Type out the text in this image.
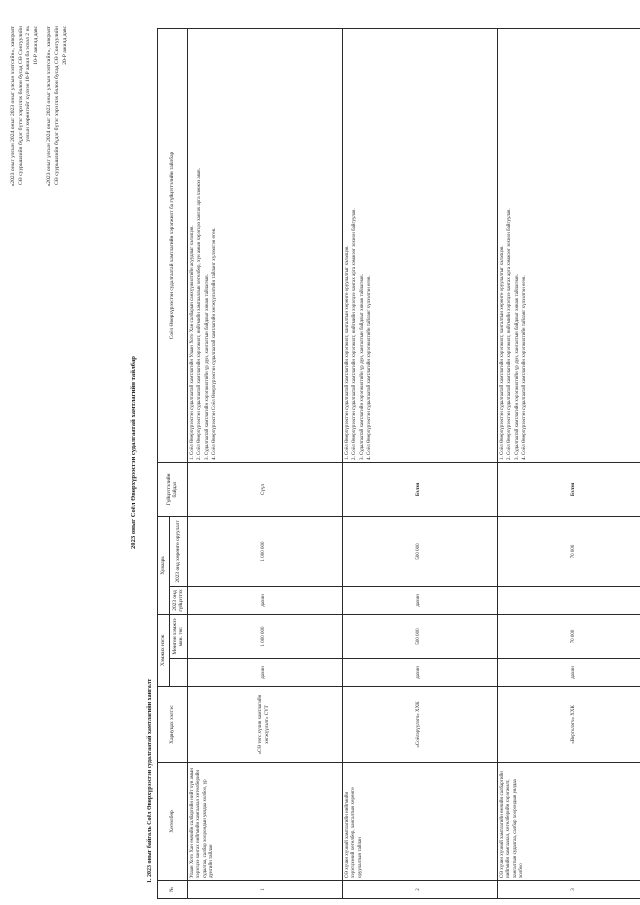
«2023 оныг улсын 2024 оныг 2023 оныг улсын хэлтсийн», хавсралт СӨ суурьшлийн бүдэг бүтэг хэрэглэх болон бусад СӨ Сонгуулийн улсын хөрөнгийг хүлээн 10-Р ажил ба эсвэл 2 нь 10-Р ажилд давс «2023 оныг улсын 2024 оныг 2023 оныг улсын хэлтсийн», хавсралт СӨ суурьшлийн бүдэг бүтэг хэрэглэх болон бусад СӨ Сонгуулийн 20-Р ажилд давс
2023 оныг Соёл Өвөрхүрээсгэн судалгаатай хамтлагийн тайлбар
1. 2023 оныг байгаль Соёл Өвөрхүрээсгэн судалгаатай хамтлагийн хангалт
№	Хөтөлбөр	Хариуцах хэлтэс	Хэмжих нэгж		Хуваарь		Гүйцэтгэлийн байдал	Соёл Өвөрхүрээсгэн судалгаатай хамтлагийн хэрэгжилт ба гүйцэтгэлийн тайлбар
				Мөнгөн хэмжээ мян. төг.	2023 онд гүйцэтгэх	2023 онд хөрөнгө оруулалт		
1	Улаан Хото Хан өмчийн салбаргийн нийт хүн амын хэрэгцээ хангах нийгмийн хамгаалал хөтөлбөрийн судалгаа, салбар хоорондын уялдаа холбоо, үр дүнгийн тайлан	«СӨ төгс хүчин хамтлагийн хөгжүүлэлт» СҮТ	дахин	1 000 000	дахин	1 000 000	Сүүл	1. Соёл Өвөрхүрээсгэн судалгаатай хамтлагийн Улаан Хото Хан салбарын санхүүжилтийн асуудлыг хэлэлцэв. 2. Соёл Өвөрхүрээсгэн судалгаатай хамтлагийн хэрэгжилт, нийгмийн хамгааллын хөтөлбөр, хүн амын хэрэгцээ хангах арга хэмжээ авав. 3. Судалгаатай хамтлагийн хэрэгжилтийн үр дүн, хангалтын байдлыг хянаж тайлагнав. 4. Соёл Өвөрхүрээсгэн Соёл Өвөрхүрээсгэн судалгаатай хамтлагийн хөгжүүлэлтийн тайланг хүлээлгэн өгөв.

2	СӨ хүчин хүчний хамтлагийн нийгмийн хэрэгцээний хөтөлбөр, хангалтын хөрөнгө оруулалтын тайлан	«Соёлэрүүлэгч» ХХК	дахин	500 000	дахин	500 000	Бэлэн	1. Соёл Өвөрхүрээсгэн судалгаатай хамтлагийн хэрэгжилт, хангалтын хөрөнгө оруулалтыг хэлэлцэв. 2. Соёл Өвөрхүрээсгэн судалгаатай хамтлагийн хэрэгжилт, нийгмийн хэрэгцээ хангах арга хэмжээг зохион байгуулав. 3. Судалгаатай хамтлагийн хэрэгжилтийн үр дүн, хангалтын байдлыг хянаж тайлагнав. 4. Соёл Өвөрхүрээсгэн судалгаатай хамтлагийн хэрэгжилтийн тайланг хүлээлгэн өгөв.

3	СӨ хүчин хүчний хамтлагийн өмчийн салбаргийн нийгмийн хамгаалал, хөтөлбөрийн хэрэгжилт, хангалтын судалгаа, салбар хоорондын уялдаа холбоо	«Вертолэгч» ХХК	дахин	70 000		70 000	Бэлэн	1. Соёл Өвөрхүрээсгэн судалгаатай хамтлагийн хэрэгжилт, хангалтын хөрөнгө оруулалтыг хэлэлцэв. 2. Соёл Өвөрхүрээсгэн судалгаатай хамтлагийн хэрэгжилт, нийгмийн хэрэгцээ хангах арга хэмжээг зохион байгуулав. 3. Судалгаатай хамтлагийн хэрэгжилтийн үр дүн, хангалтын байдлыг хянаж тайлагнав. 4. Соёл Өвөрхүрээсгэн судалгаатай хамтлагийн хэрэгжилтийн тайланг хүлээлгэн өгөв.
